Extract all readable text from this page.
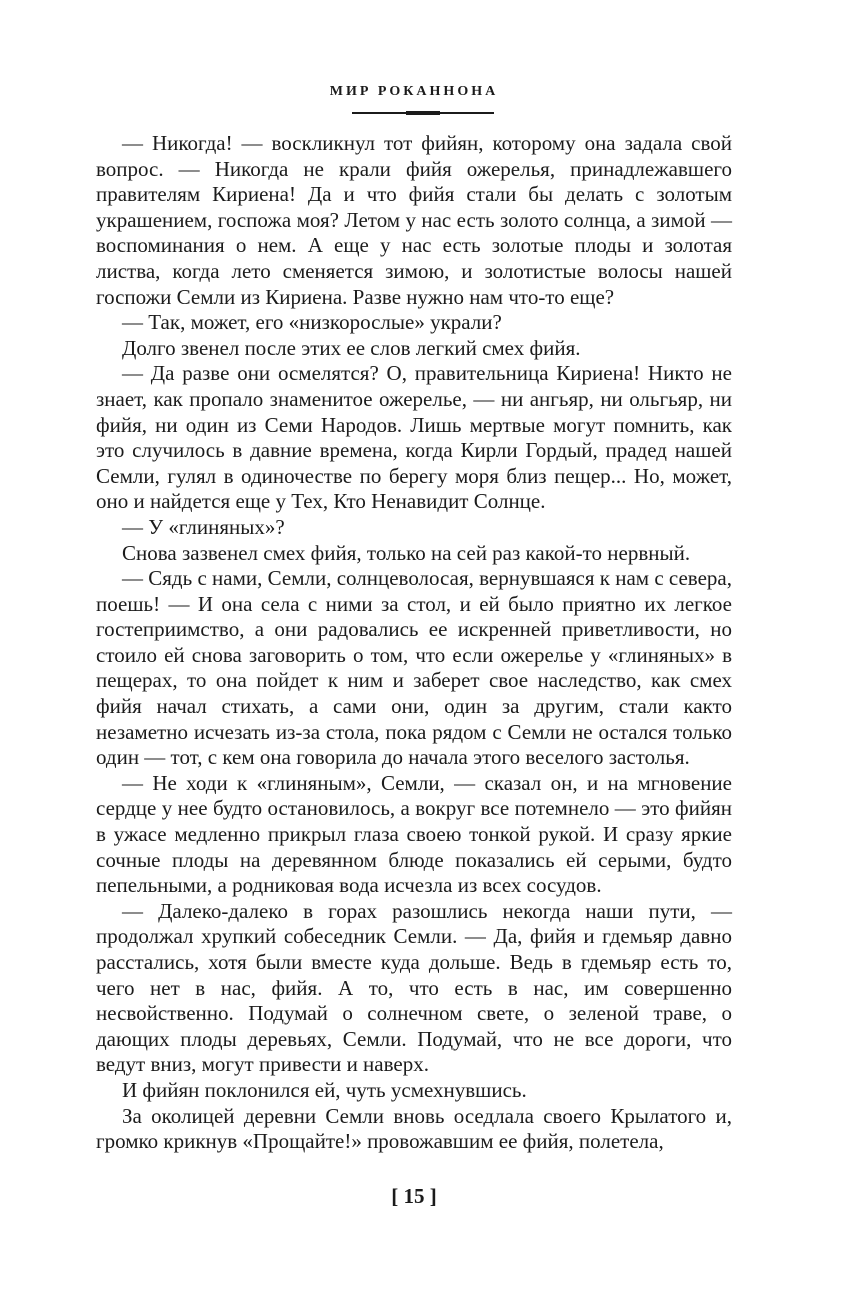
МИР РОКАННОНА

— Никогда! — воскликнул тот фийян, которому она задала свой вопрос. — Никогда не крали фийя ожерелья, принадлежавшего правителям Кириена! Да и что фийя стали бы делать с золотым украшением, госпожа моя? Летом у нас есть золото солнца, а зимой — воспоминания о нем. А еще у нас есть золотые плоды и золотая листва, когда лето сменяется зимою, и золотистые волосы нашей госпожи Семли из Кириена. Разве нужно нам что-то еще?

— Так, может, его «низкорослые» украли?

Долго звенел после этих ее слов легкий смех фийя.

— Да разве они осмелятся? О, правительница Кириена! Никто не знает, как пропало знаменитое ожерелье, — ни ангьяр, ни ольгьяр, ни фийя, ни один из Семи Народов. Лишь мертвые могут помнить, как это случилось в давние времена, когда Кирли Гордый, прадед нашей Семли, гулял в одиночестве по берегу моря близ пещер... Но, может, оно и найдется еще у Тех, Кто Ненавидит Солнце.

— У «глиняных»?

Снова зазвенел смех фийя, только на сей раз какой-то нервный.

— Сядь с нами, Семли, солнцеволосая, вернувшаяся к нам с севера, поешь! — И она села с ними за стол, и ей было приятно их легкое гостеприимство, а они радовались ее искренней приветливости, но стоило ей снова заговорить о том, что если ожерелье у «глиняных» в пещерах, то она пойдет к ним и заберет свое наследство, как смех фийя начал стихать, а сами они, один за другим, стали както незаметно исчезать из-за стола, пока рядом с Семли не остался только один — тот, с кем она говорила до начала этого веселого застолья.

— Не ходи к «глиняным», Семли, — сказал он, и на мгновение сердце у нее будто остановилось, а вокруг все потемнело — это фийян в ужасе медленно прикрыл глаза своею тонкой рукой. И сразу яркие сочные плоды на деревянном блюде показались ей серыми, будто пепельными, а родниковая вода исчезла из всех сосудов.

— Далеко-далеко в горах разошлись некогда наши пути, — продолжал хрупкий собеседник Семли. — Да, фийя и гдемьяр давно расстались, хотя были вместе куда дольше. Ведь в гдемьяр есть то, чего нет в нас, фийя. А то, что есть в нас, им совершенно несвойственно. Подумай о солнечном свете, о зеленой траве, о дающих плоды деревьях, Семли. Подумай, что не все дороги, что ведут вниз, могут привести и наверх.

И фийян поклонился ей, чуть усмехнувшись.

За околицей деревни Семли вновь оседлала своего Крылатого и, громко крикнув «Прощайте!» провожавшим ее фийя, полетела,

[ 15 ]
